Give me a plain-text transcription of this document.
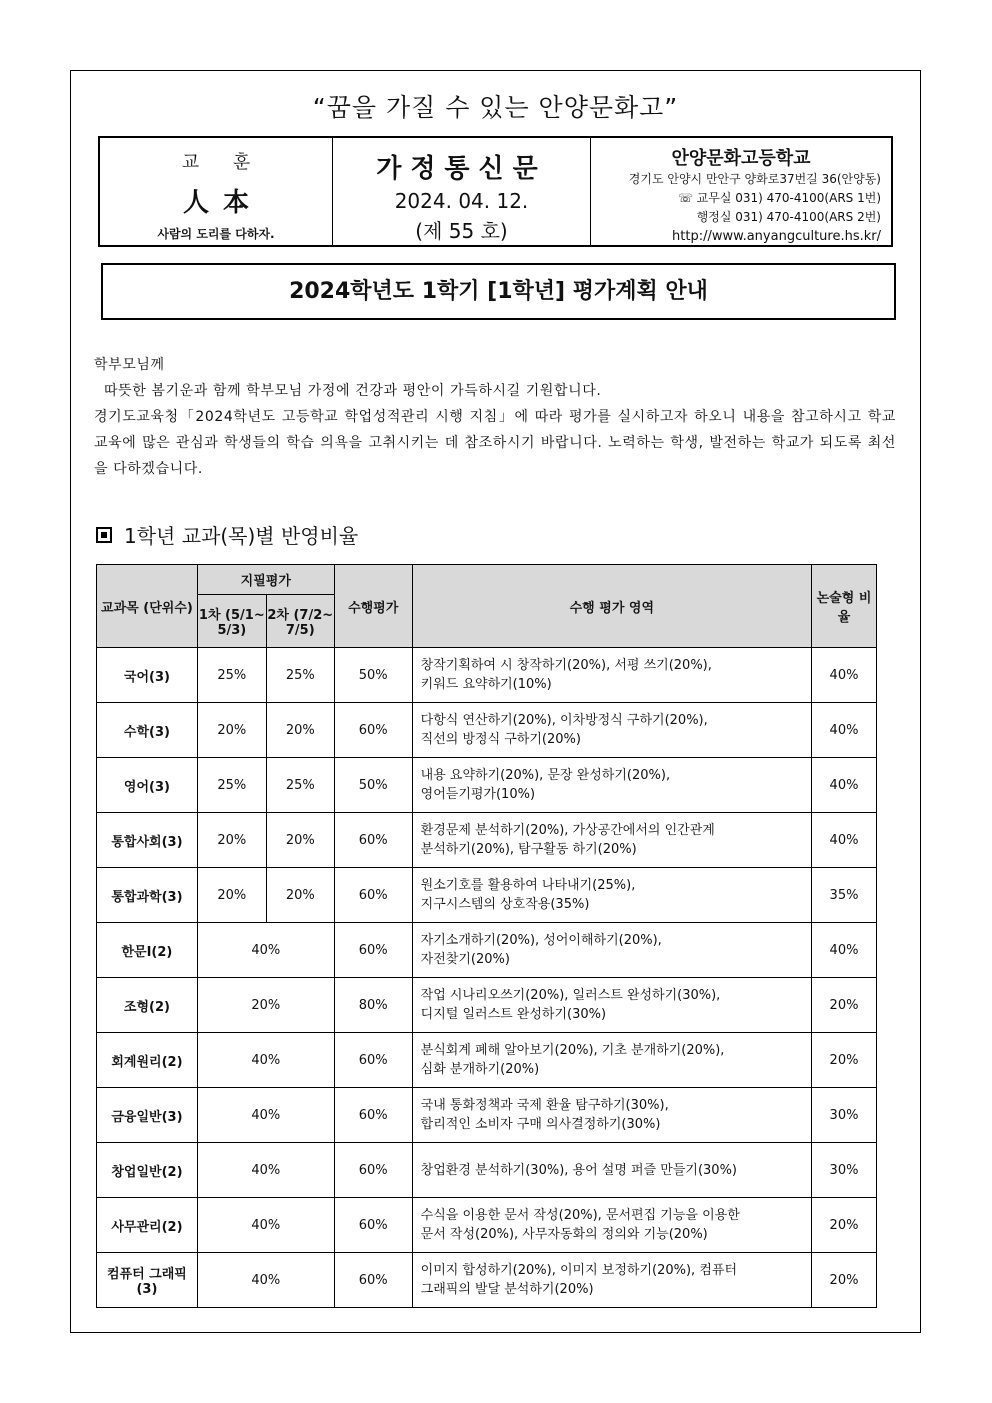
“꿈을 가질 수 있는 안양문화고”
교 훈
人本
사람의 도리를 다하자.
가정통신문
2024. 04. 12.
(제 55 호)
안양문화고등학교
경기도 안양시 만안구 양화로37번길 36(안양동)
☏ 교무실 031) 470-4100(ARS 1번)
행정실 031) 470-4100(ARS 2번)
http://www.anyangculture.hs.kr/
2024학년도 1학기 [1학년] 평가계획 안내

학부모님께

따뜻한 봄기운과 함께 학부모님 가정에 건강과 평안이 가득하시길 기원합니다.

경기도교육청「2024학년도 고등학교 학업성적관리 시행 지침」에 따라 평가를 실시하고자 하오니 내용을 참고하시고 학교 교육에 많은 관심과 학생들의 학습 의욕을 고취시키는 데 참조하시기 바랍니다. 노력하는 학생, 발전하는 학교가 되도록 최선을 다하겠습니다.

1학년 교과(목)별 반영비율
교과목 (단위수)	지필평가		수행평가	수행 평가 영역	논술형 비율
	1차 (5/1~ 5/3)	2차 (7/2~ 7/5)			
국어(3)	25%	25%	50%	창작기획하여 시 창작하기(20%), 서평 쓰기(20%),
키워드 요약하기(10%)	40%
수학(3)	20%	20%	60%	다항식 연산하기(20%), 이차방정식 구하기(20%),
직선의 방정식 구하기(20%)	40%
영어(3)	25%	25%	50%	내용 요약하기(20%), 문장 완성하기(20%),
영어듣기평가(10%)	40%
통합사회(3)	20%	20%	60%	환경문제 분석하기(20%), 가상공간에서의 인간관계
분석하기(20%), 탐구활동 하기(20%)	40%
통합과학(3)	20%	20%	60%	원소기호를 활용하여 나타내기(25%),
지구시스템의 상호작용(35%)	35%
한문I(2)	40%		60%	자기소개하기(20%), 성어이해하기(20%),
자전찾기(20%)	40%
조형(2)	20%		80%	작업 시나리오쓰기(20%), 일러스트 완성하기(30%),
디지털 일러스트 완성하기(30%)	20%
회계원리(2)	40%		60%	분식회계 폐해 알아보기(20%), 기초 분개하기(20%),
심화 분개하기(20%)	20%
금융일반(3)	40%		60%	국내 통화정책과 국제 환율 탐구하기(30%),
합리적인 소비자 구매 의사결정하기(30%)	30%
창업일반(2)	40%		60%	창업환경 분석하기(30%), 용어 설명 퍼즐 만들기(30%)	30%
사무관리(2)	40%		60%	수식을 이용한 문서 작성(20%), 문서편집 기능을 이용한
문서 작성(20%), 사무자동화의 정의와 기능(20%)	20%
컴퓨터 그래픽(3)	40%		60%	이미지 합성하기(20%), 이미지 보정하기(20%), 컴퓨터
그래픽의 발달 분석하기(20%)	20%
